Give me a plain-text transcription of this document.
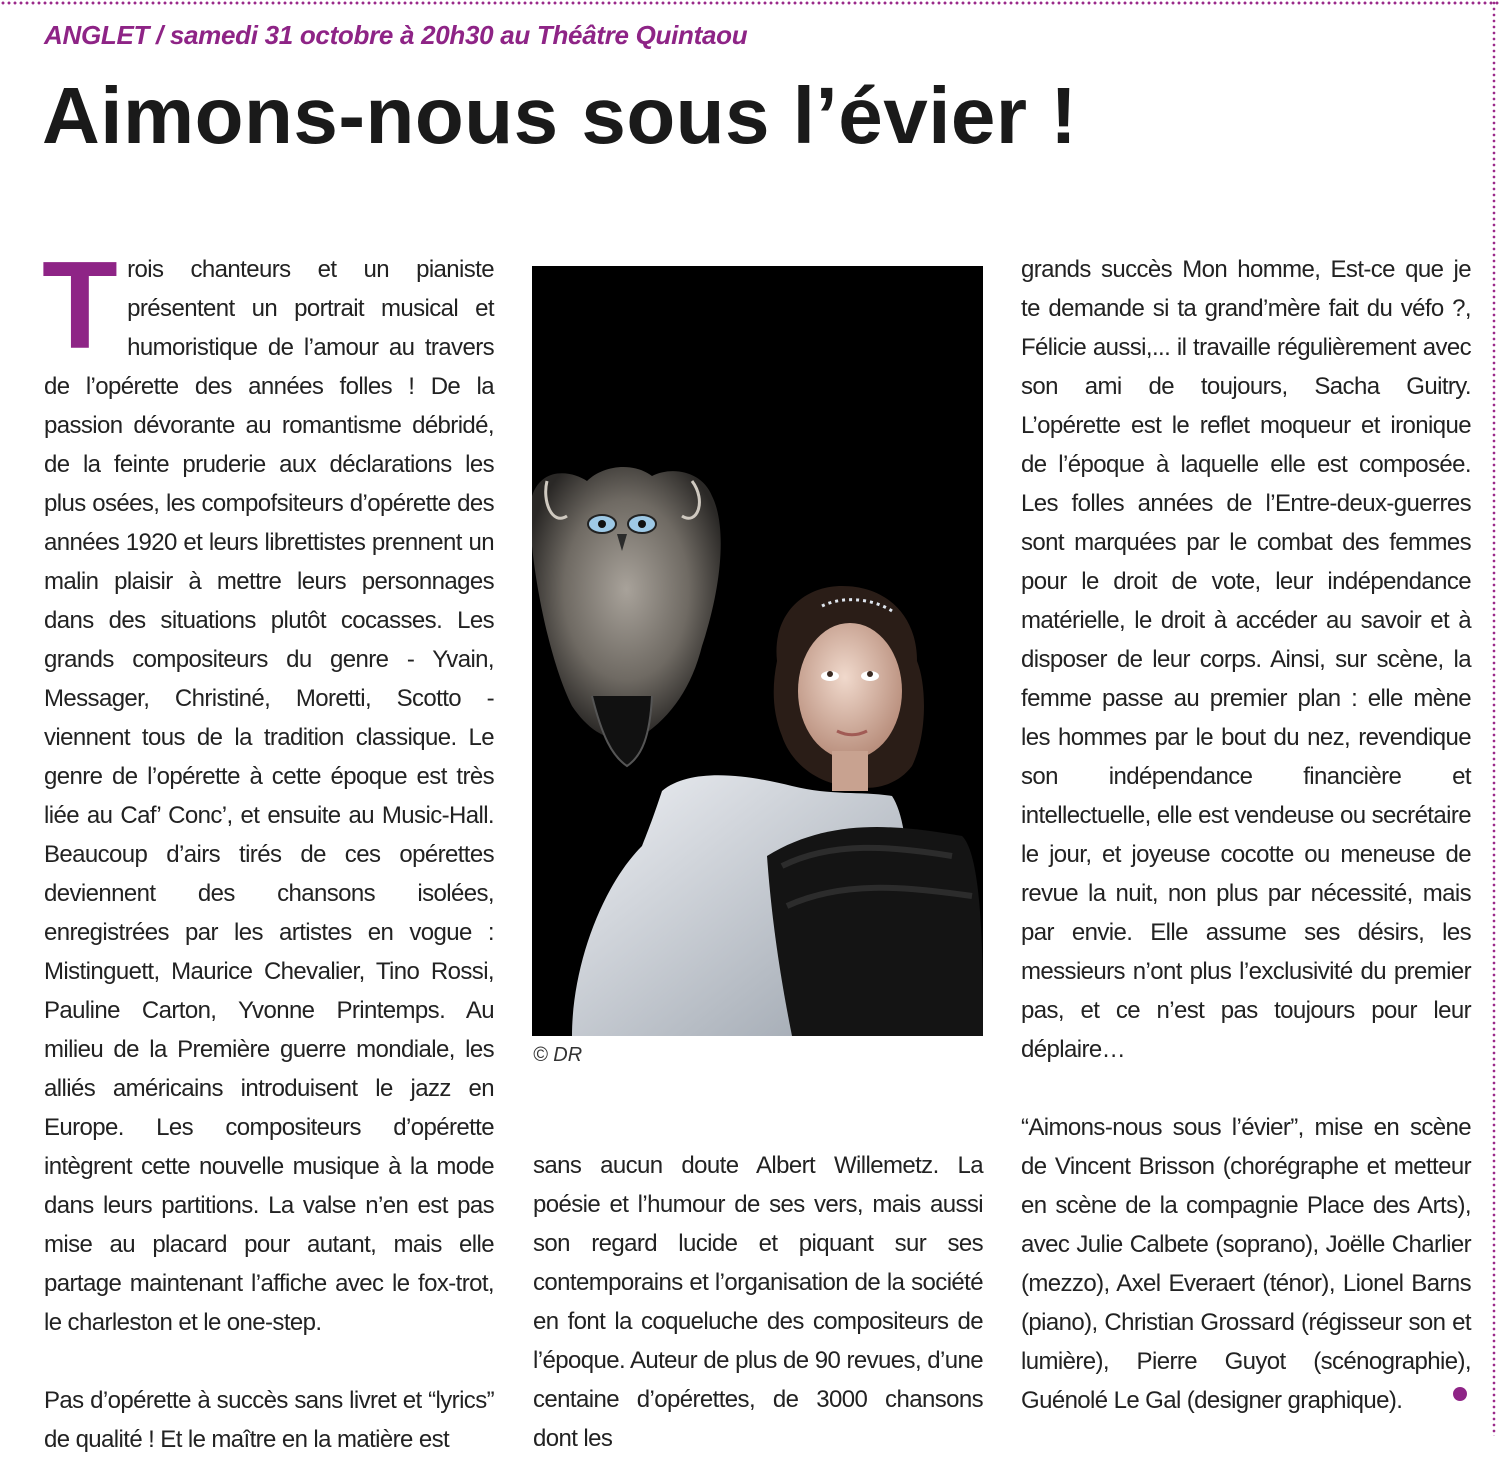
ANGLET / samedi 31 octobre à 20h30 au Théâtre Quintaou
Aimons-nous sous l’évier !
T rois chanteurs et un pianiste présentent un portrait musical et humoristique de l’amour au travers de l’opérette des années folles ! De la passion dévorante au romantisme débridé, de la feinte pruderie aux déclarations les plus osées, les compofsiteurs d’opérette des années 1920 et leurs librettistes prennent un malin plaisir à mettre leurs personnages dans des situations plutôt cocasses. Les grands compositeurs du genre - Yvain, Messager, Christiné, Moretti, Scotto - viennent tous de la tradition classique. Le genre de l’opérette à cette époque est très liée au Caf’ Conc’, et ensuite au Music-Hall. Beaucoup d’airs tirés de ces opérettes deviennent des chansons isolées, enregistrées par les artistes en vogue : Mistinguett, Maurice Chevalier, Tino Rossi, Pauline Carton, Yvonne Printemps. Au milieu de la Première guerre mondiale, les alliés américains introduisent le jazz en Europe. Les compositeurs d’opérette intègrent cette nouvelle musique à la mode dans leurs partitions. La valse n’en est pas mise au placard pour autant, mais elle partage maintenant l’affiche avec le fox-trot, le charleston et le one-step.

Pas d’opérette à succès sans livret et “lyrics” de qualité ! Et le maître en la matière est

© DR

sans aucun doute Albert Willemetz. La poésie et l’humour de ses vers, mais aussi son regard lucide et piquant sur ses contemporains et l’organisation de la société en font la coqueluche des compositeurs de l’époque. Auteur de plus de 90 revues, d’une centaine d’opérettes, de 3000 chansons dont les

grands succès Mon homme, Est-ce que je te demande si ta grand’mère fait du véfo ?, Félicie aussi,... il travaille régulièrement avec son ami de toujours, Sacha Guitry. L’opérette est le reflet moqueur et ironique de l’époque à laquelle elle est composée. Les folles années de l’Entre-deux-guerres sont marquées par le combat des femmes pour le droit de vote, leur indépendance matérielle, le droit à accéder au savoir et à disposer de leur corps. Ainsi, sur scène, la femme passe au premier plan : elle mène les hommes par le bout du nez, revendique son indépendance financière et intellectuelle, elle est vendeuse ou secrétaire le jour, et joyeuse cocotte ou meneuse de revue la nuit, non plus par nécessité, mais par envie. Elle assume ses désirs, les messieurs n’ont plus l’exclusivité du premier pas, et ce n’est pas toujours pour leur déplaire…

“Aimons-nous sous l’évier”, mise en scène de Vincent Brisson (chorégraphe et metteur en scène de la compagnie Place des Arts), avec Julie Calbete (soprano), Joëlle Charlier (mezzo), Axel Everaert (ténor), Lionel Barns (piano), Christian Grossard (régisseur son et lumière), Pierre Guyot (scénographie), Guénolé Le Gal (designer graphique).
